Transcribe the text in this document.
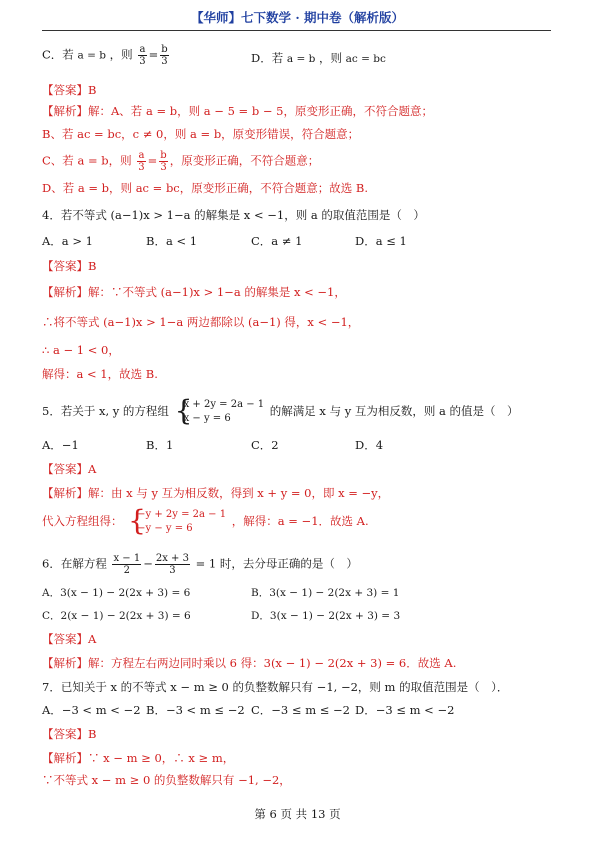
【华师】七下数学 · 期中卷（解析版）
C．若 a = b ，则 $\frac{a}{3} = \frac{b}{3}$	D．若 a = b ，则 ac = bc
【答案】B
【解析】解：A、若 a = b，则 a − 5 = b − 5，原变形正确，不符合题意；
B、若 ac = bc，c ≠ 0，则 a = b，原变形错误，符合题意；
C、若 a = b，则 $\frac{a}{3} = \frac{b}{3}$ ，原变形正确，不符合题意；
D、若 a = b，则 ac = bc，原变形正确，不符合题意；故选 B.
4．若不等式 (a−1)x > 1−a 的解集是 x < −1，则 a 的取值范围是（　）
A．a > 1	B．a < 1	C．a ≠ 1	D．a ≤ 1
【答案】B
【解析】解：∵不等式 (a−1)x > 1−a 的解集是 x < −1，
∴将不等式 (a−1)x > 1−a 两边都除以 (a−1) 得，x < −1，
∴ a − 1 < 0，
解得：a < 1，故选 B.
5．若关于 x, y 的方程组 {
x + 2y = 2a − 1
x − y = 6
的解满足 x 与 y 互为相反数，则 a 的值是（　）
A．−1	B．1	C．2	D．4
【答案】A
【解析】解：由 x 与 y 互为相反数，得到 x + y = 0，即 x = −y，
代入方程组得： {
−y + 2y = 2a − 1
−y − y = 6
，解得：a = −1．故选 A.
6．在解方程 $\frac{x - 1}{2} - \frac{2x + 3}{3} = 1$ 时，去分母正确的是（　）
A．3(x − 1) − 2(2x + 3) = 6	B．3(x − 1) − 2(2x + 3) = 1
C．2(x − 1) − 2(2x + 3) = 6	D．3(x − 1) − 2(2x + 3) = 3
【答案】A
【解析】解：方程左右两边同时乘以 6 得：3(x − 1) − 2(2x + 3) = 6．故选 A.
7．已知关于 x 的不等式 x − m ≥ 0 的负整数解只有 −1, −2，则 m 的取值范围是（　）．
A．−3 < m < −2 B．−3 < m ≤ −2 C．−3 ≤ m ≤ −2 D．−3 ≤ m < −2
【答案】B
【解析】∵ x − m ≥ 0，∴ x ≥ m，
∵不等式 x − m ≥ 0 的负整数解只有 −1, −2，
第 6 页 共 13 页
